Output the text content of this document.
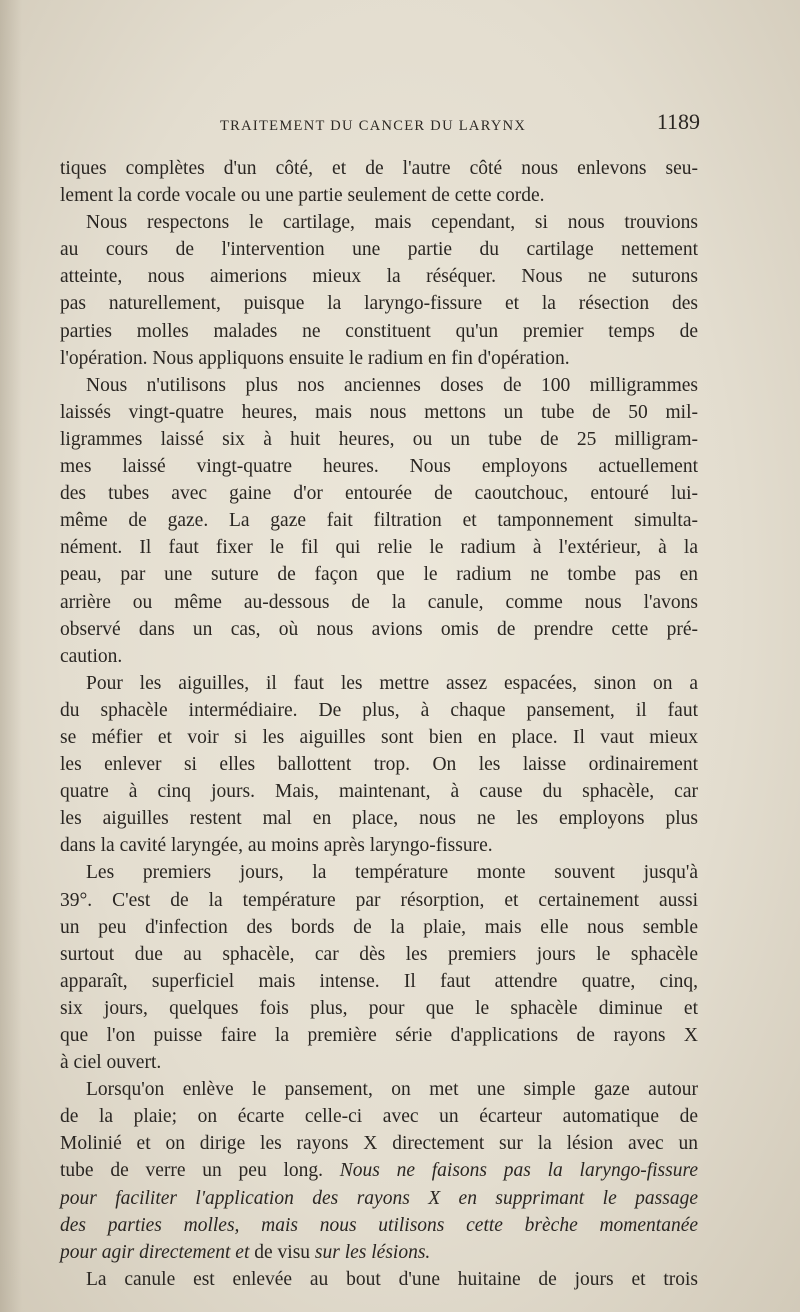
TRAITEMENT DU CANCER DU LARYNX	1189
tiques complètes d'un côté, et de l'autre côté nous enlevons seu-
lement la corde vocale ou une partie seulement de cette corde.
Nous respectons le cartilage, mais cependant, si nous trouvions
au cours de l'intervention une partie du cartilage nettement
atteinte, nous aimerions mieux la réséquer. Nous ne suturons
pas naturellement, puisque la laryngo-fissure et la résection des
parties molles malades ne constituent qu'un premier temps de
l'opération. Nous appliquons ensuite le radium en fin d'opération.
Nous n'utilisons plus nos anciennes doses de 100 milligrammes
laissés vingt-quatre heures, mais nous mettons un tube de 50 mil-
ligrammes laissé six à huit heures, ou un tube de 25 milligram-
mes laissé vingt-quatre heures. Nous employons actuellement
des tubes avec gaine d'or entourée de caoutchouc, entouré lui-
même de gaze. La gaze fait filtration et tamponnement simulta-
nément. Il faut fixer le fil qui relie le radium à l'extérieur, à la
peau, par une suture de façon que le radium ne tombe pas en
arrière ou même au-dessous de la canule, comme nous l'avons
observé dans un cas, où nous avions omis de prendre cette pré-
caution.
Pour les aiguilles, il faut les mettre assez espacées, sinon on a
du sphacèle intermédiaire. De plus, à chaque pansement, il faut
se méfier et voir si les aiguilles sont bien en place. Il vaut mieux
les enlever si elles ballottent trop. On les laisse ordinairement
quatre à cinq jours. Mais, maintenant, à cause du sphacèle, car
les aiguilles restent mal en place, nous ne les employons plus
dans la cavité laryngée, au moins après laryngo-fissure.
Les premiers jours, la température monte souvent jusqu'à
39°. C'est de la température par résorption, et certainement aussi
un peu d'infection des bords de la plaie, mais elle nous semble
surtout due au sphacèle, car dès les premiers jours le sphacèle
apparaît, superficiel mais intense. Il faut attendre quatre, cinq,
six jours, quelques fois plus, pour que le sphacèle diminue et
que l'on puisse faire la première série d'applications de rayons X
à ciel ouvert.
Lorsqu'on enlève le pansement, on met une simple gaze autour
de la plaie; on écarte celle-ci avec un écarteur automatique de
Molinié et on dirige les rayons X directement sur la lésion avec un
tube de verre un peu long. Nous ne faisons pas la laryngo-fissure
pour faciliter l'application des rayons X en supprimant le passage
des parties molles, mais nous utilisons cette brèche momentanée
pour agir directement et de visu sur les lésions.
La canule est enlevée au bout d'une huitaine de jours et trois
